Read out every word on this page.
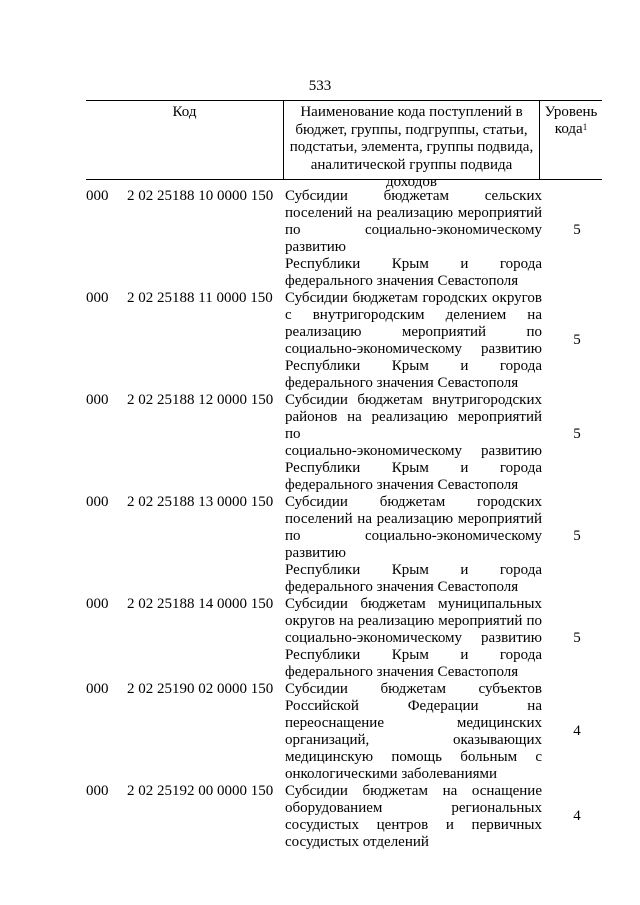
533
Код	Наименование кода поступлений в
бюджет, группы, подгруппы, статьи,
подстатьи, элемента, группы подвида,
аналитической группы подвида доходов
Уровень
кода$^1$
000	2 02 25188 10 0000 150 Субсидии бюджетам сельских
поселений на реализацию мероприятий
по социально-экономическому развитию
Республики Крым и города
федерального значения Севастополя
5
000	2 02 25188 11 0000 150 Субсидии бюджетам городских округов
с внутригородским делением на
реализацию мероприятий по
социально-экономическому развитию
Республики Крым и города
федерального значения Севастополя
5
000	2 02 25188 12 0000 150 Субсидии бюджетам внутригородских
районов на реализацию мероприятий по
социально-экономическому развитию
Республики Крым и города
федерального значения Севастополя
5
000	2 02 25188 13 0000 150 Субсидии бюджетам городских
поселений на реализацию мероприятий
по социально-экономическому развитию
Республики Крым и города
федерального значения Севастополя
5
000	2 02 25188 14 0000 150 Субсидии бюджетам муниципальных
округов на реализацию мероприятий по
социально-экономическому развитию
Республики Крым и города
федерального значения Севастополя
5
000	2 02 25190 02 0000 150 Субсидии бюджетам субъектов
Российской Федерации на
переоснащение медицинских
организаций, оказывающих
медицинскую помощь больным с
онкологическими заболеваниями
4
000	2 02 25192 00 0000 150 Субсидии бюджетам на оснащение
оборудованием региональных
сосудистых центров и первичных
сосудистых отделений
4
